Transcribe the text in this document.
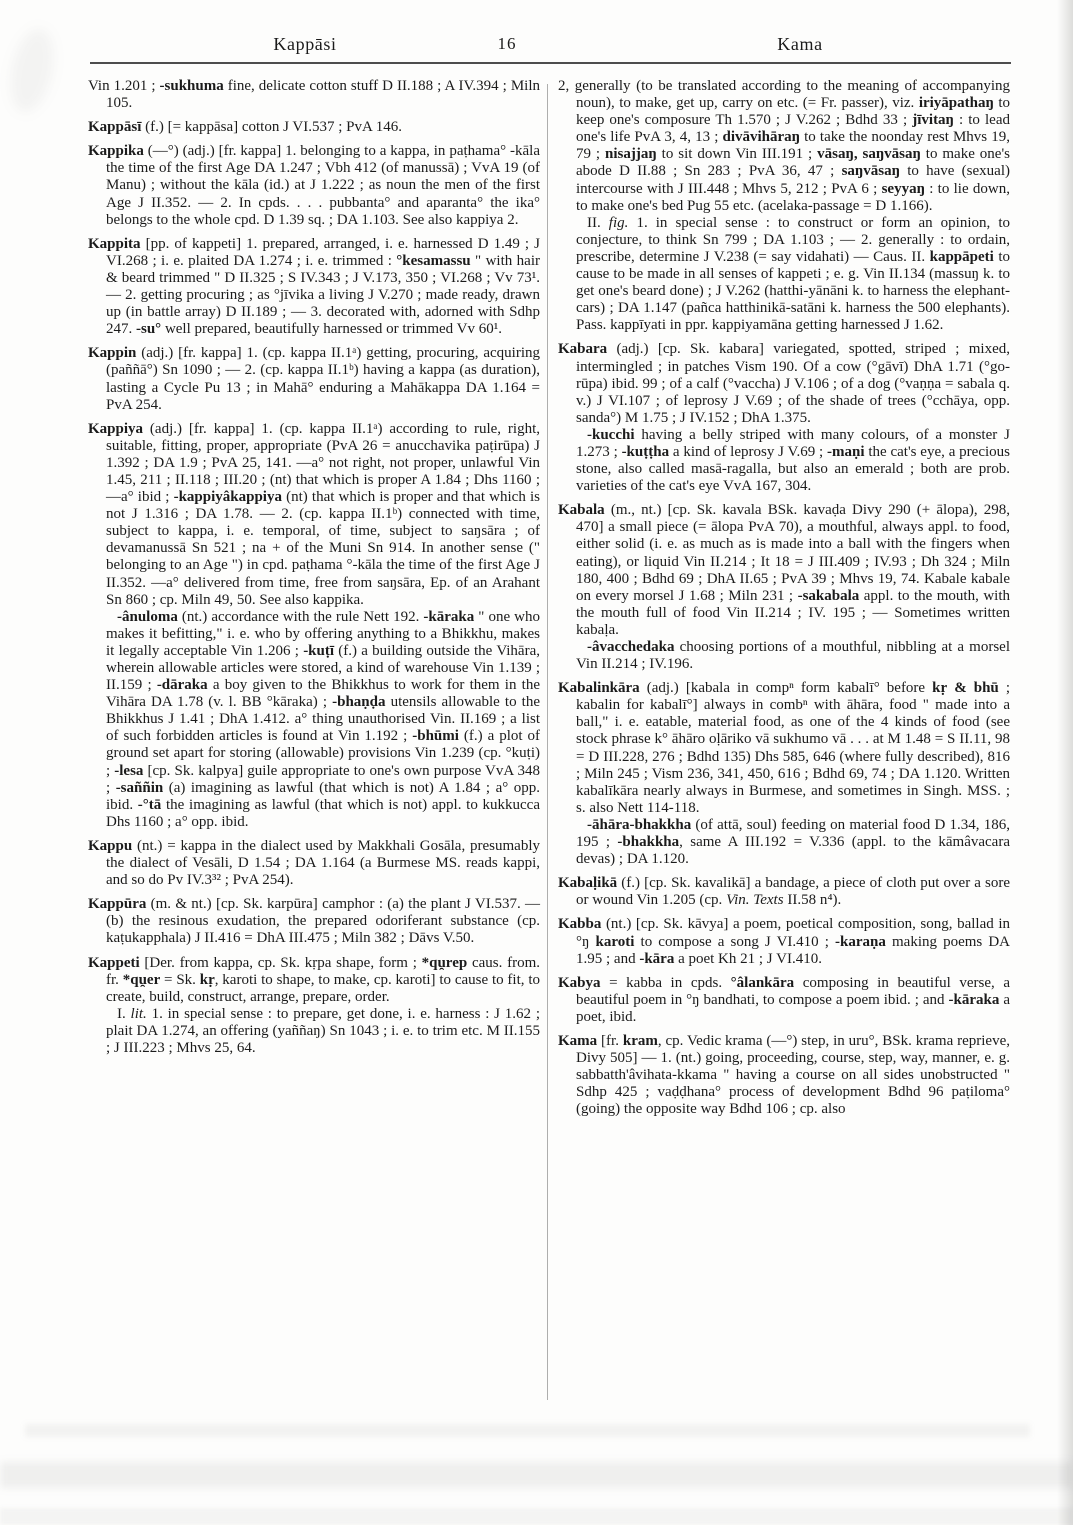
Kappāsi	16	Kama

Vin 1.201 ; -sukhuma fine, delicate cotton stuff D II.188 ; A IV.394 ; Miln 105.

Kappāsī (f.) [= kappāsa] cotton J VI.537 ; PvA 146.

Kappika (—°) (adj.) [fr. kappa] 1. belonging to a kappa, in paṭhama° -kāla the time of the first Age DA 1.247 ; Vbh 412 (of manussā) ; VvA 19 (of Manu) ; without the kāla (id.) at J 1.222 ; as noun the men of the first Age J II.352. — 2. In cpds. . . . pubbanta° and aparanta° the ika° belongs to the whole cpd. D 1.39 sq. ; DA 1.103. See also kappiya 2.

Kappita [pp. of kappeti] 1. prepared, arranged, i. e. harnessed D 1.49 ; J VI.268 ; i. e. plaited DA 1.274 ; i. e. trimmed : °kesamassu " with hair & beard trimmed " D II.325 ; S IV.343 ; J V.173, 350 ; VI.268 ; Vv 73¹. — 2. getting procuring ; as °jīvika a living J V.270 ; made ready, drawn up (in battle array) D II.189 ; — 3. decorated with, adorned with Sdhp 247. -su° well prepared, beautifully harnessed or trimmed Vv 60¹.

Kappin (adj.) [fr. kappa] 1. (cp. kappa II.1ᵃ) getting, procuring, acquiring (paññā°) Sn 1090 ; — 2. (cp. kappa II.1ᵇ) having a kappa (as duration), lasting a Cycle Pu 13 ; in Mahā° enduring a Mahākappa DA 1.164 = PvA 254.

Kappiya (adj.) [fr. kappa] 1. (cp. kappa II.1ᵃ) according to rule, right, suitable, fitting, proper, appropriate (PvA 26 = anucchavika paṭirūpa) J 1.392 ; DA 1.9 ; PvA 25, 141. —a° not right, not proper, unlawful Vin 1.45, 211 ; II.118 ; III.20 ; (nt) that which is proper A 1.84 ; Dhs 1160 ; —a° ibid ; -kappiyâkappiya (nt) that which is proper and that which is not J 1.316 ; DA 1.78. — 2. (cp. kappa II.1ᵇ) connected with time, subject to kappa, i. e. temporal, of time, subject to saŋsāra ; of devamanussā Sn 521 ; na + of the Muni Sn 914. In another sense (" belonging to an Age ") in cpd. paṭhama °-kāla the time of the first Age J II.352. —a° delivered from time, free from saŋsāra, Ep. of an Arahant Sn 860 ; cp. Miln 49, 50. See also kappika.

-ânuloma (nt.) accordance with the rule Nett 192. -kāraka " one who makes it befitting," i. e. who by offering anything to a Bhikkhu, makes it legally acceptable Vin 1.206 ; -kuṭī (f.) a building outside the Vihāra, wherein allowable articles were stored, a kind of warehouse Vin 1.139 ; II.159 ; -dāraka a boy given to the Bhikkhus to work for them in the Vihāra DA 1.78 (v. l. BB °kāraka) ; -bhaṇḍa utensils allowable to the Bhikkhus J 1.41 ; DhA 1.412. a° thing unauthorised Vin. II.169 ; a list of such forbidden articles is found at Vin 1.192 ; -bhūmi (f.) a plot of ground set apart for storing (allowable) provisions Vin 1.239 (cp. °kuṭi) ; -lesa [cp. Sk. kalpya] guile appropriate to one's own purpose VvA 348 ; -saññin (a) imagining as lawful (that which is not) A 1.84 ; a° opp. ibid. -°tā the imagining as lawful (that which is not) appl. to kukkucca Dhs 1160 ; a° opp. ibid.

Kappu (nt.) = kappa in the dialect used by Makkhali Gosāla, presumably the dialect of Vesāli, D 1.54 ; DA 1.164 (a Burmese MS. reads kappi, and so do Pv IV.3³² ; PvA 254).

Kappūra (m. & nt.) [cp. Sk. karpūra] camphor : (a) the plant J VI.537. — (b) the resinous exudation, the prepared odoriferant substance (cp. kaṭukapphala) J II.416 = DhA III.475 ; Miln 382 ; Dāvs V.50.

Kappeti [Der. from kappa, cp. Sk. kṛpa shape, form ; *qu̯rep caus. from. fr. *qu̯er = Sk. kṛ, karoti to shape, to make, cp. karoti] to cause to fit, to create, build, construct, arrange, prepare, order.

I. lit. 1. in special sense : to prepare, get done, i. e. harness : J 1.62 ; plait DA 1.274, an offering (yaññaŋ) Sn 1043 ; i. e. to trim etc. M II.155 ; J III.223 ; Mhvs 25, 64.

2, generally (to be translated according to the meaning of accompanying noun), to make, get up, carry on etc. (= Fr. passer), viz. iriyāpathaŋ to keep one's composure Th 1.570 ; J V.262 ; Bdhd 33 ; jīvitaŋ : to lead one's life PvA 3, 4, 13 ; divāvihāraŋ to take the noonday rest Mhvs 19, 79 ; nisajjaŋ to sit down Vin III.191 ; vāsaŋ, saŋvāsaŋ to make one's abode D II.88 ; Sn 283 ; PvA 36, 47 ; saŋvāsaŋ to have (sexual) intercourse with J III.448 ; Mhvs 5, 212 ; PvA 6 ; seyyaŋ : to lie down, to make one's bed Pug 55 etc. (acelaka-passage = D 1.166).

II. fig. 1. in special sense : to construct or form an opinion, to conjecture, to think Sn 799 ; DA 1.103 ; — 2. generally : to ordain, prescribe, determine J V.238 (= say vidahati) — Caus. II. kappāpeti to cause to be made in all senses of kappeti ; e. g. Vin II.134 (massuŋ k. to get one's beard done) ; J V.262 (hatthi-yānāni k. to harness the elephant-cars) ; DA 1.147 (pañca hatthinikā-satāni k. harness the 500 elephants). Pass. kappīyati in ppr. kappiyamāna getting harnessed J 1.62.

Kabara (adj.) [cp. Sk. kabara] variegated, spotted, striped ; mixed, intermingled ; in patches Vism 190. Of a cow (°gāvī) DhA 1.71 (°go-rūpa) ibid. 99 ; of a calf (°vaccha) J V.106 ; of a dog (°vaṇṇa = sabala q. v.) J VI.107 ; of leprosy J V.69 ; of the shade of trees (°cchāya, opp. sanda°) M 1.75 ; J IV.152 ; DhA 1.375.

-kucchi having a belly striped with many colours, of a monster J 1.273 ; -kuṭṭha a kind of leprosy J V.69 ; -maṇi the cat's eye, a precious stone, also called masā-ragalla, but also an emerald ; both are prob. varieties of the cat's eye VvA 167, 304.

Kabala (m., nt.) [cp. Sk. kavala BSk. kavaḍa Divy 290 (+ ālopa), 298, 470] a small piece (= ālopa PvA 70), a mouthful, always appl. to food, either solid (i. e. as much as is made into a ball with the fingers when eating), or liquid Vin II.214 ; It 18 = J III.409 ; IV.93 ; Dh 324 ; Miln 180, 400 ; Bdhd 69 ; DhA II.65 ; PvA 39 ; Mhvs 19, 74. Kabale kabale on every morsel J 1.68 ; Miln 231 ; -sakabala appl. to the mouth, with the mouth full of food Vin II.214 ; IV. 195 ; — Sometimes written kabaḷa.

-âvacchedaka choosing portions of a mouthful, nibbling at a morsel Vin II.214 ; IV.196.

Kabalinkāra (adj.) [kabala in compⁿ form kabalī° before kṛ & bhū ; kabalin for kabalī°] always in combⁿ with āhāra, food " made into a ball," i. e. eatable, material food, as one of the 4 kinds of food (see stock phrase k° āhāro oḷāriko vā sukhumo vā . . . at M 1.48 = S II.11, 98 = D III.228, 276 ; Bdhd 135) Dhs 585, 646 (where fully described), 816 ; Miln 245 ; Vism 236, 341, 450, 616 ; Bdhd 69, 74 ; DA 1.120. Written kabalīkāra nearly always in Burmese, and sometimes in Singh. MSS. ; s. also Nett 114-118.

-āhāra-bhakkha (of attā, soul) feeding on material food D 1.34, 186, 195 ; -bhakkha, same A III.192 = V.336 (appl. to the kāmâvacara devas) ; DA 1.120.

Kabaḷikā (f.) [cp. Sk. kavalikā] a bandage, a piece of cloth put over a sore or wound Vin 1.205 (cp. Vin. Texts II.58 n⁴).

Kabba (nt.) [cp. Sk. kāvya] a poem, poetical composition, song, ballad in °ŋ karoti to compose a song J VI.410 ; -karaṇa making poems DA 1.95 ; and -kāra a poet Kh 21 ; J VI.410.

Kabya = kabba in cpds. °âlankāra composing in beautiful verse, a beautiful poem in °ŋ bandhati, to compose a poem ibid. ; and -kāraka a poet, ibid.

Kama [fr. kram, cp. Vedic krama (—°) step, in uru°, BSk. krama reprieve, Divy 505] — 1. (nt.) going, proceeding, course, step, way, manner, e. g. sabbatth'âvihata-kkama " having a course on all sides unobstructed " Sdhp 425 ; vaḍḍhana° process of development Bdhd 96 paṭiloma° (going) the opposite way Bdhd 106 ; cp. also
